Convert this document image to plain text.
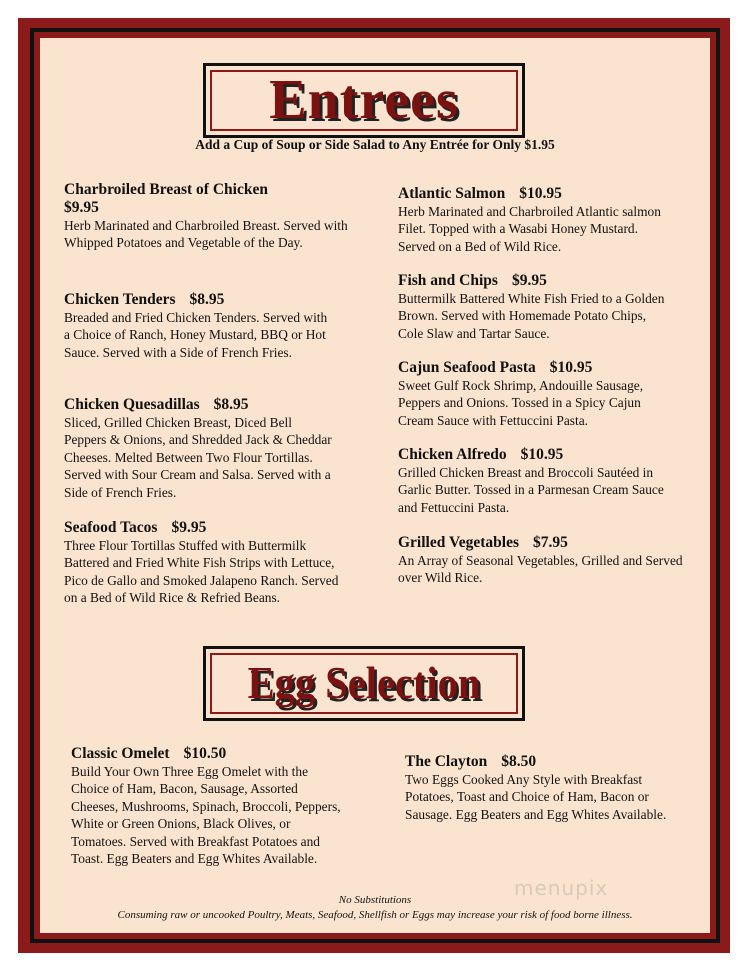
Entrees
Add a Cup of Soup or Side Salad to Any Entrée for Only $1.95
Charbroiled Breast of Chicken
$9.95
Herb Marinated and Charbroiled Breast. Served with Whipped Potatoes and Vegetable of the Day.
Chicken Tenders $8.95
Breaded and Fried Chicken Tenders. Served with a Choice of Ranch, Honey Mustard, BBQ or Hot Sauce. Served with a Side of French Fries.
Chicken Quesadillas $8.95
Sliced, Grilled Chicken Breast, Diced Bell Peppers & Onions, and Shredded Jack & Cheddar Cheeses. Melted Between Two Flour Tortillas. Served with Sour Cream and Salsa. Served with a Side of French Fries.
Seafood Tacos $9.95
Three Flour Tortillas Stuffed with Buttermilk Battered and Fried White Fish Strips with Lettuce, Pico de Gallo and Smoked Jalapeno Ranch. Served on a Bed of Wild Rice & Refried Beans.
Atlantic Salmon $10.95
Herb Marinated and Charbroiled Atlantic salmon Filet. Topped with a Wasabi Honey Mustard. Served on a Bed of Wild Rice.
Fish and Chips $9.95
Buttermilk Battered White Fish Fried to a Golden Brown. Served with Homemade Potato Chips, Cole Slaw and Tartar Sauce.
Cajun Seafood Pasta $10.95
Sweet Gulf Rock Shrimp, Andouille Sausage, Peppers and Onions. Tossed in a Spicy Cajun Cream Sauce with Fettuccini Pasta.
Chicken Alfredo $10.95
Grilled Chicken Breast and Broccoli Sautéed in Garlic Butter. Tossed in a Parmesan Cream Sauce and Fettuccini Pasta.
Grilled Vegetables $7.95
An Array of Seasonal Vegetables, Grilled and Served over Wild Rice.
Egg Selection
Classic Omelet $10.50
Build Your Own Three Egg Omelet with the Choice of Ham, Bacon, Sausage, Assorted Cheeses, Mushrooms, Spinach, Broccoli, Peppers, White or Green Onions, Black Olives, or Tomatoes. Served with Breakfast Potatoes and Toast. Egg Beaters and Egg Whites Available.
The Clayton $8.50
Two Eggs Cooked Any Style with Breakfast Potatoes, Toast and Choice of Ham, Bacon or Sausage. Egg Beaters and Egg Whites Available.
menupix
No Substitutions
Consuming raw or uncooked Poultry, Meats, Seafood, Shellfish or Eggs may increase your risk of food borne illness.
